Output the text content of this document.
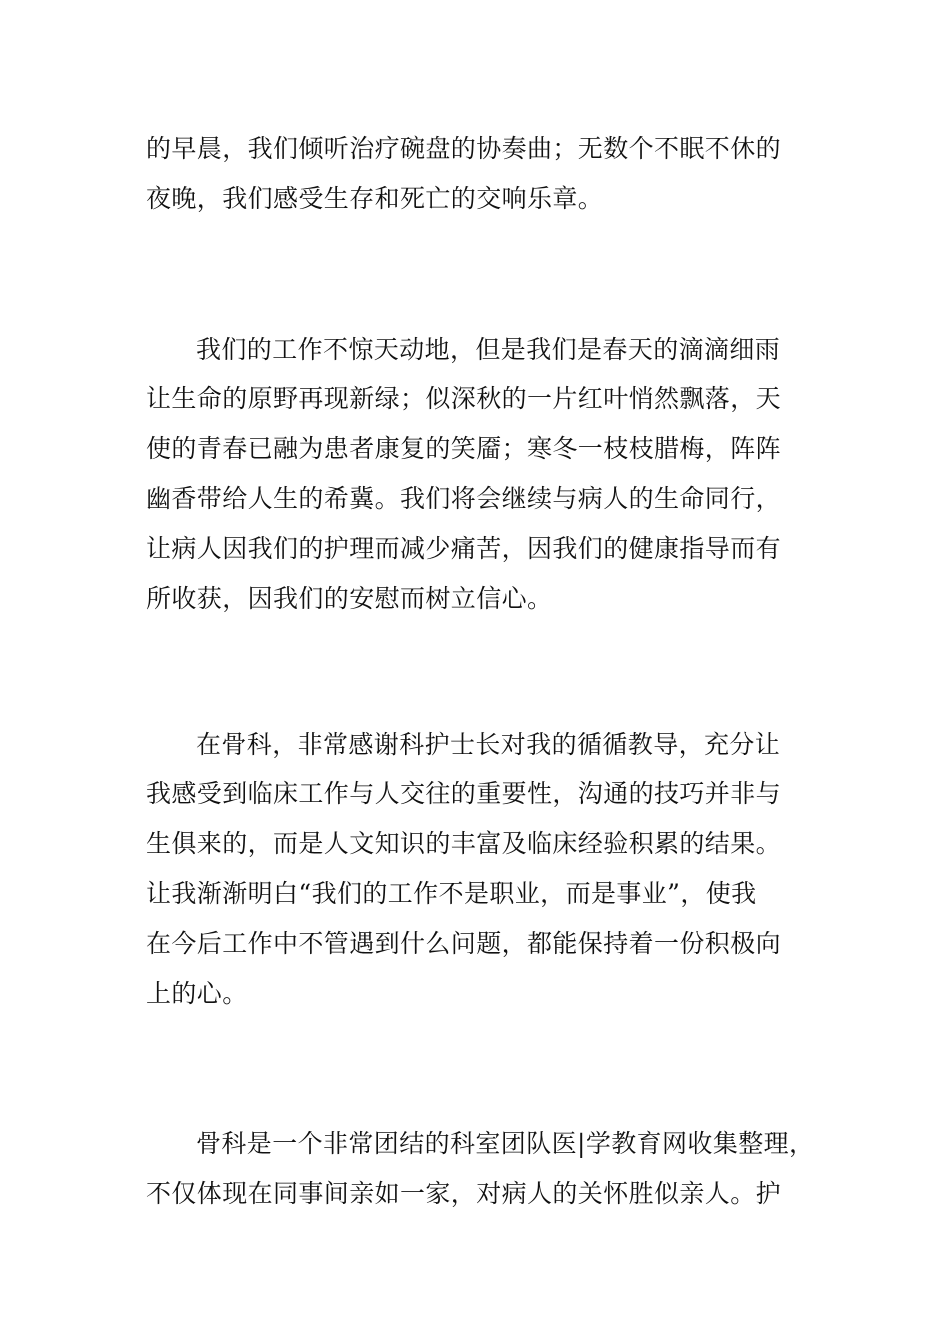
的早晨，我们倾听治疗碗盘的协奏曲；无数个不眠不休的
夜晚，我们感受生存和死亡的交响乐章。
我们的工作不惊天动地，但是我们是春天的滴滴细雨
让生命的原野再现新绿；似深秋的一片红叶悄然飘落，天
使的青春已融为患者康复的笑靥；寒冬一枝枝腊梅，阵阵
幽香带给人生的希冀。我们将会继续与病人的生命同行，
让病人因我们的护理而减少痛苦，因我们的健康指导而有
所收获，因我们的安慰而树立信心。
在骨科，非常感谢科护士长对我的循循教导，充分让
我感受到临床工作与人交往的重要性，沟通的技巧并非与
生俱来的，而是人文知识的丰富及临床经验积累的结果。
让我渐渐明白“我们的工作不是职业，而是事业”，使我
在今后工作中不管遇到什么问题，都能保持着一份积极向
上的心。
骨科是一个非常团结的科室团队医|学教育网收集整理，
不仅体现在同事间亲如一家，对病人的关怀胜似亲人。护
